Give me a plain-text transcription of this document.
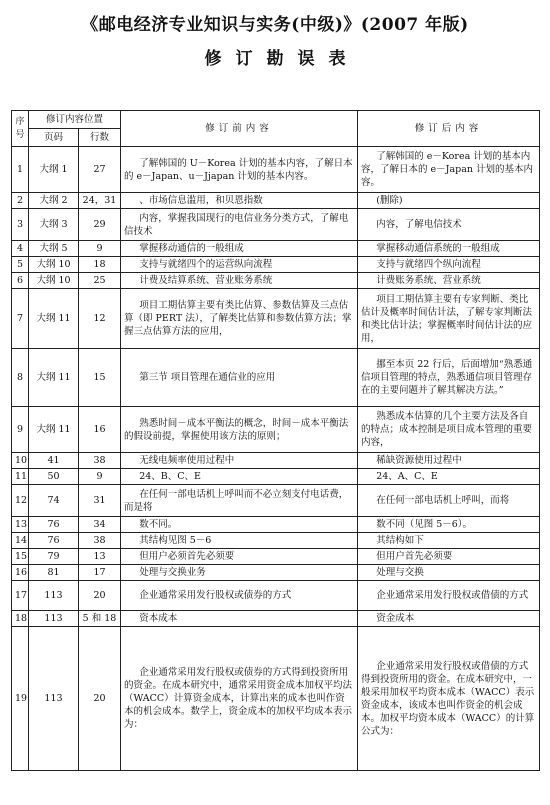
《邮电经济专业知识与实务(中级)》(2007 年版)
修订勘误表
序号	修订内容位置		修订前内容	修订后内容
	页码	行数		
1	大纲 1	27	了解韩国的 U－Korea 计划的基本内容，了解日本的 e－Japan、u－Jjapan 计划的基本内容。	了解韩国的 e－Korea 计划的基本内容，了解日本的 e－Japan 计划的基本内容。
2	大纲 2	24，31	、市场信息滥用，和贝恩指数	(删除)
3	大纲 3	29	内容，掌握我国现行的电信业务分类方式，了解电信技术	内容，了解电信技术
4	大纲 5	9	掌握移动通信的一般组成	掌握移动通信系统的一般组成
5	大纲 10	18	支持与就绪四个的运营纵向流程	支持与就绪四个纵向流程
6	大纲 10	25	计费及结算系统、营业账务系统	计费账务系统、营业系统
7	大纲 11	12	项目工期估算主要有类比估算、参数估算及三点估算（即 PERT 法），了解类比估算和参数估算方法；掌握三点估算方法的应用，	项目工期估算主要有专家判断、类比估计及概率时间估计法，了解专家判断法和类比估计法；掌握概率时间估计法的应用，
8	大纲 11	15	第三节 项目管理在通信业的应用	挪至本页 22 行后，后面增加“熟悉通信项目管理的特点，熟悉通信项目管理存在的主要问题并了解其解决方法。”
9	大纲 11	16	熟悉时间－成本平衡法的概念，时间－成本平衡法的假设前提，掌握使用该方法的原则；	熟悉成本估算的几个主要方法及各自的特点；成本控制是项目成本管理的重要内容，
10	41	38	无线电频率使用过程中	稀缺资源使用过程中
11	50	9	24、B、C、E	24、A、C、E
12	74	31	在任何一部电话机上呼叫而不必立刻支付电话费，而是将	在任何一部电话机上呼叫，而将
13	76	34	数不同。	数不同（见图 5－6）。
14	76	38	其结构见图 5－6	其结构如下
15	79	13	但用户必须首先必须要	但用户首先必须要
16	81	17	处理与交换业务	处理与交换
17	113	20	企业通常采用发行股权或债券的方式	企业通常采用发行股权或借债的方式
18	113	5 和 18	资本成本	资金成本
19	113	20	企业通常采用发行股权或债券的方式得到投资所用的资金。在成本研究中，通常采用资金成本加权平均法（WACC）计算资金成本，计算出来的成本也叫作资本的机会成本。数学上，资金成本的加权平均成本表示为：	企业通常采用发行股权或借债的方式得到投资所用的资金。在成本研究中，一般采用加权平均资本成本（WACC）表示资金成本，该成本也叫作资金的机会成本。加权平均资本成本（WACC）的计算公式为：
